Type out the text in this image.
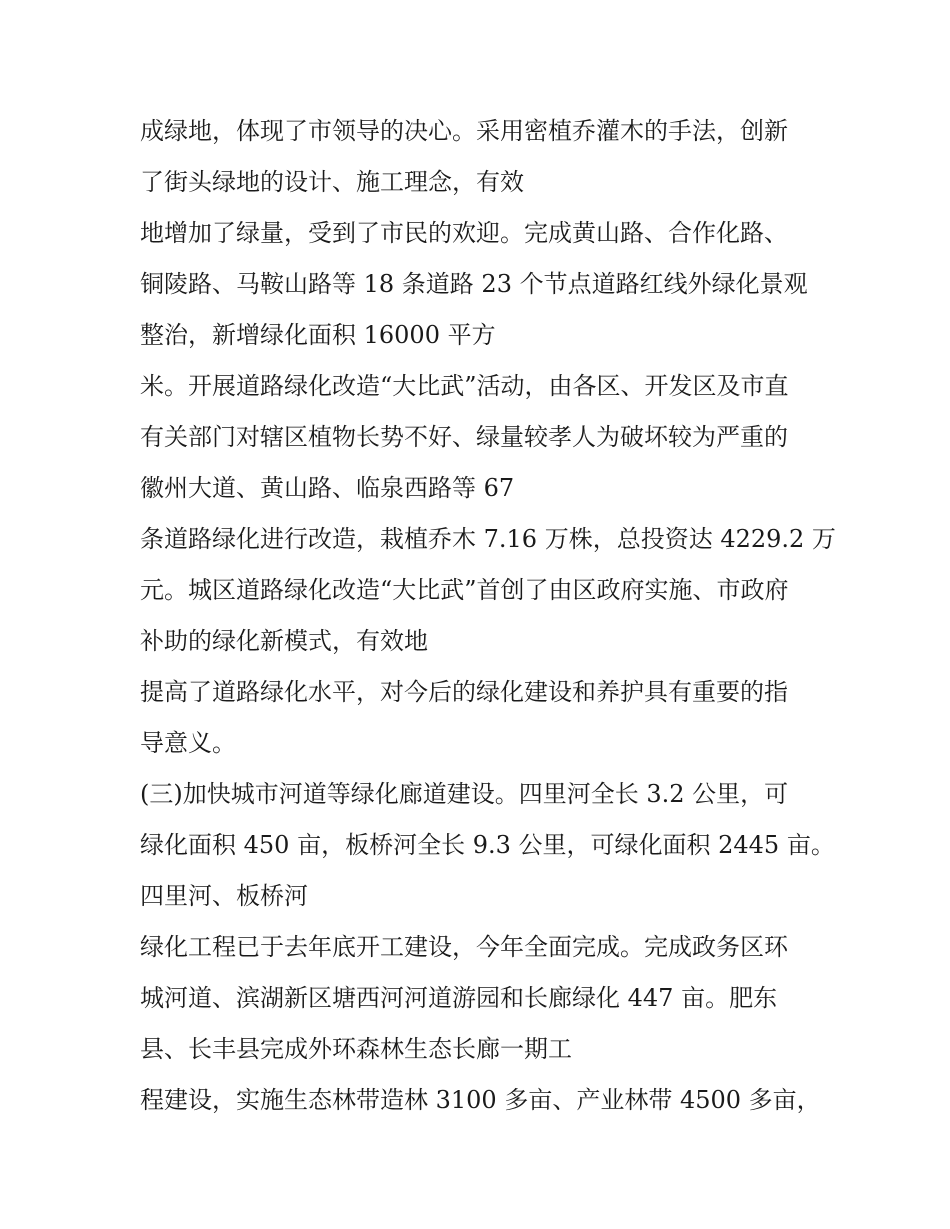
成绿地，体现了市领导的决心。采用密植乔灌木的手法，创新
了街头绿地的设计、施工理念，有效
地增加了绿量，受到了市民的欢迎。完成黄山路、合作化路、
铜陵路、马鞍山路等 18 条道路 23 个节点道路红线外绿化景观
整治，新增绿化面积 16000 平方
米。开展道路绿化改造“大比武”活动，由各区、开发区及市直
有关部门对辖区植物长势不好、绿量较孝人为破坏较为严重的
徽州大道、黄山路、临泉西路等 67
条道路绿化进行改造，栽植乔木 7.16 万株，总投资达 4229.2 万
元。城区道路绿化改造“大比武”首创了由区政府实施、市政府
补助的绿化新模式，有效地
提高了道路绿化水平，对今后的绿化建设和养护具有重要的指
导意义。
(三)加快城市河道等绿化廊道建设。四里河全长 3.2 公里，可
绿化面积 450 亩，板桥河全长 9.3 公里，可绿化面积 2445 亩。
四里河、板桥河
绿化工程已于去年底开工建设，今年全面完成。完成政务区环
城河道、滨湖新区塘西河河道游园和长廊绿化 447 亩。肥东
县、长丰县完成外环森林生态长廊一期工
程建设，实施生态林带造林 3100 多亩、产业林带 4500 多亩，
